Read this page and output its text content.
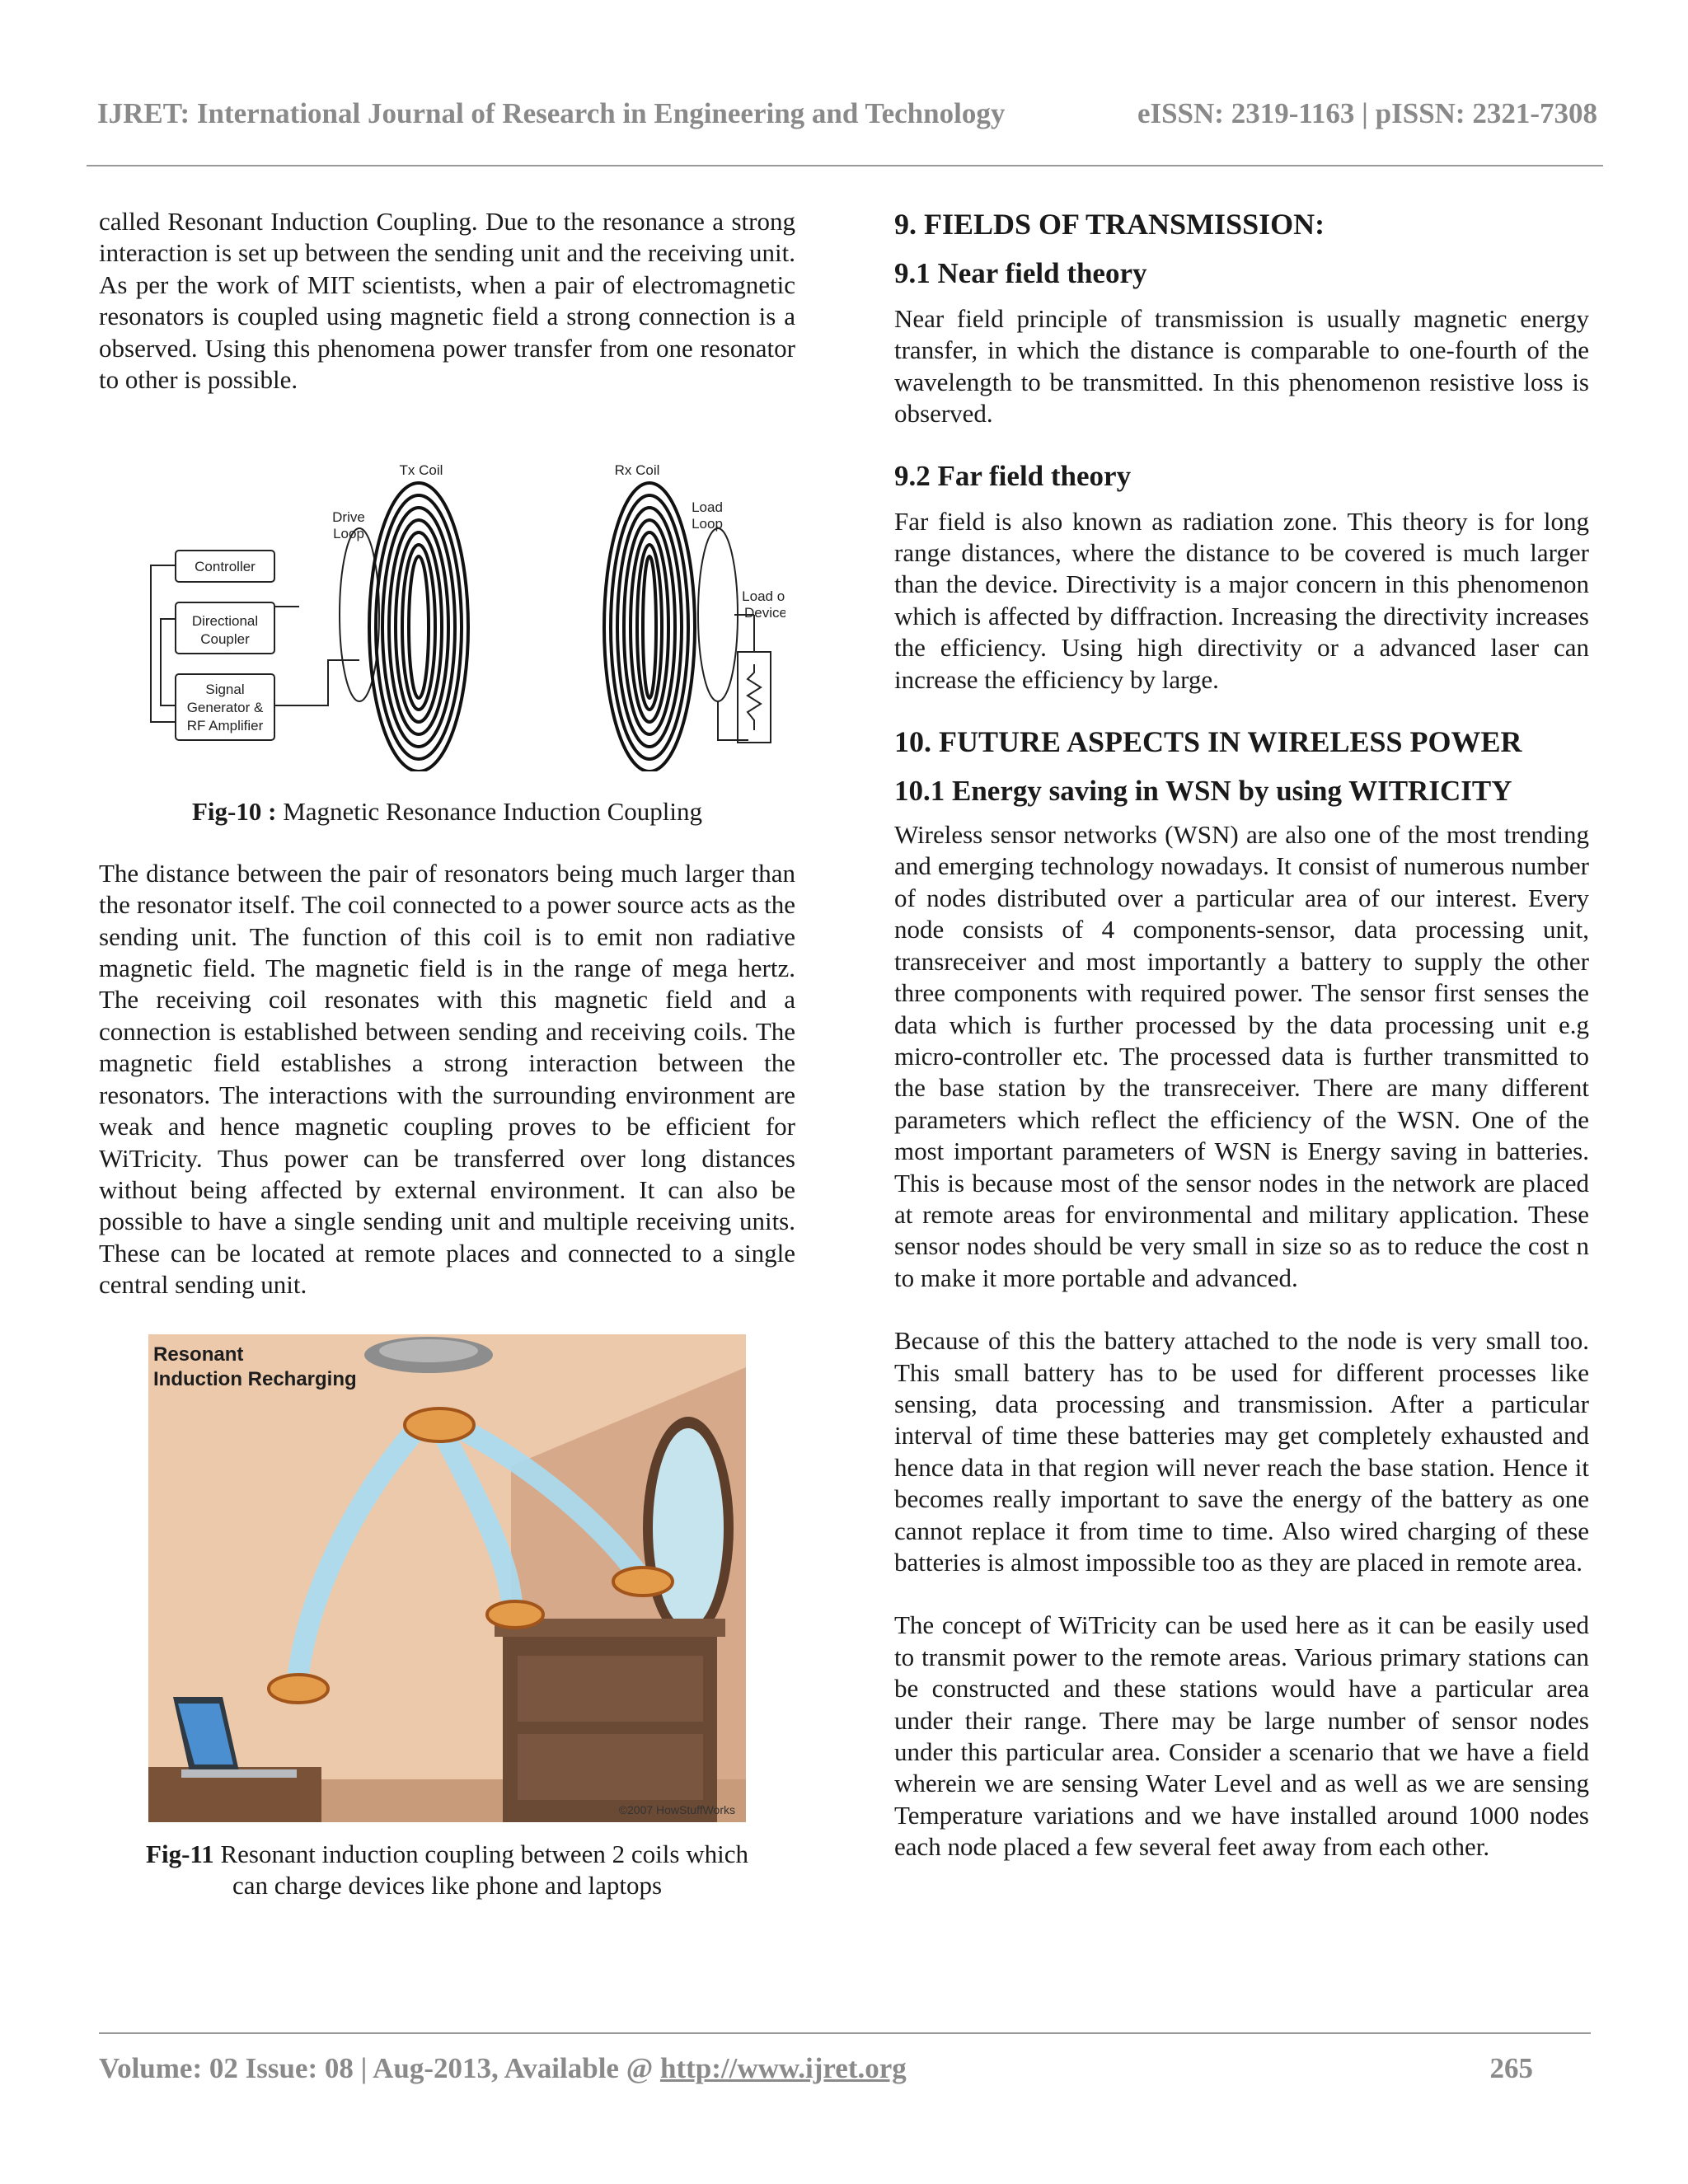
IJRET: International Journal of Research in Engineering and Technology	eISSN: 2319-1163 | pISSN: 2321-7308

called Resonant Induction Coupling. Due to the resonance a strong interaction is set up between the sending unit and the receiving unit. As per the work of MIT scientists, when a pair of electromagnetic resonators is coupled using magnetic field a strong connection is a observed. Using this phenomena power transfer from one resonator to other is possible.

Tx Coil	Rx Coil
Drive
Loop
Load
Loop
Load or
Device
Controller
Directional
Coupler
Signal
Generator &
RF Amplifier
Fig-10 : Magnetic Resonance Induction Coupling

The distance between the pair of resonators being much larger than the resonator itself. The coil connected to a power source acts as the sending unit. The function of this coil is to emit non radiative magnetic field. The magnetic field is in the range of mega hertz. The receiving coil resonates with this magnetic field and a connection is established between sending and receiving coils. The magnetic field establishes a strong interaction between the resonators. The interactions with the surrounding environment are weak and hence magnetic coupling proves to be efficient for WiTricity. Thus power can be transferred over long distances without being affected by external environment. It can also be possible to have a single sending unit and multiple receiving units. These can be located at remote places and connected to a single central sending unit.

Resonant
Induction Recharging
©2007 HowStuffWorks
Fig-11 Resonant induction coupling between 2 coils which
can charge devices like phone and laptops
9. FIELDS OF TRANSMISSION:
9.1 Near field theory

Near field principle of transmission is usually magnetic energy transfer, in which the distance is comparable to one-fourth of the wavelength to be transmitted. In this phenomenon resistive loss is observed.

9.2 Far field theory

Far field is also known as radiation zone. This theory is for long range distances, where the distance to be covered is much larger than the device. Directivity is a major concern in this phenomenon which is affected by diffraction. Increasing the directivity increases the efficiency. Using high directivity or a advanced laser can increase the efficiency by large.

10. FUTURE ASPECTS IN WIRELESS POWER
10.1 Energy saving in WSN by using WITRICITY

Wireless sensor networks (WSN) are also one of the most trending and emerging technology nowadays. It consist of numerous number of nodes distributed over a particular area of our interest. Every node consists of 4 components-sensor, data processing unit, transreceiver and most importantly a battery to supply the other three components with required power. The sensor first senses the data which is further processed by the data processing unit e.g micro-controller etc. The processed data is further transmitted to the base station by the transreceiver. There are many different parameters which reflect the efficiency of the WSN. One of the most important parameters of WSN is Energy saving in batteries. This is because most of the sensor nodes in the network are placed at remote areas for environmental and military application. These sensor nodes should be very small in size so as to reduce the cost n to make it more portable and advanced.

Because of this the battery attached to the node is very small too. This small battery has to be used for different processes like sensing, data processing and transmission. After a particular interval of time these batteries may get completely exhausted and hence data in that region will never reach the base station. Hence it becomes really important to save the energy of the battery as one cannot replace it from time to time. Also wired charging of these batteries is almost impossible too as they are placed in remote area.

The concept of WiTricity can be used here as it can be easily used to transmit power to the remote areas. Various primary stations can be constructed and these stations would have a particular area under their range. There may be large number of sensor nodes under this particular area. Consider a scenario that we have a field wherein we are sensing Water Level and as well as we are sensing Temperature variations and we have installed around 1000 nodes each node placed a few several feet away from each other.

Volume: 02 Issue: 08 | Aug-2013, Available @ http://www.ijret.org	265
